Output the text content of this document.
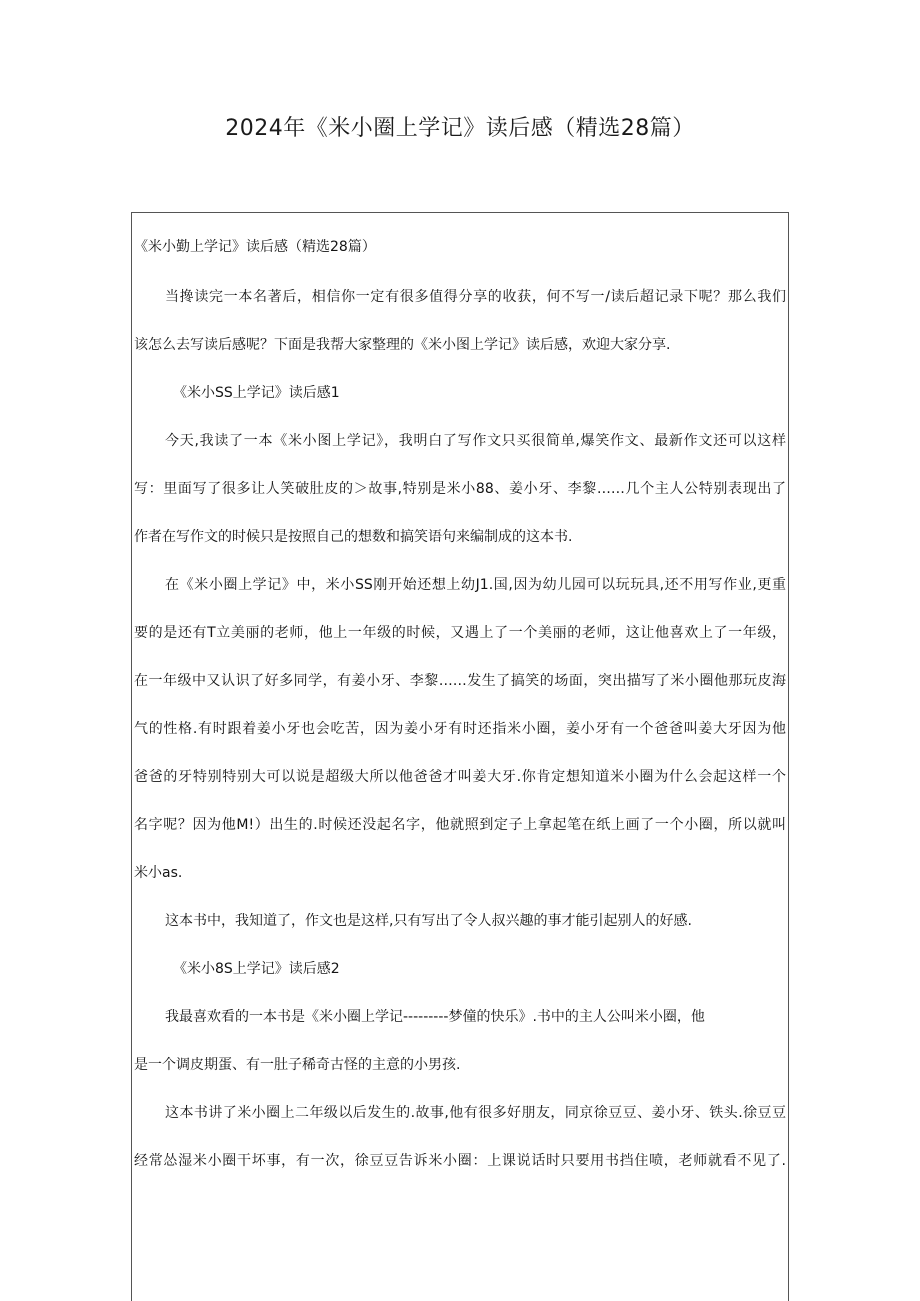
2024年《米小圈上学记》读后感（精选28篇）
《米小勤上学记》读后感（精选28篇）
当搀读完一本名著后，相信你一定有很多值得分享的收获，何不写一/读后超记录下呢？那么我们
该怎么去写读后感呢？下面是我帮大家整理的《米小图上学记》读后感，欢迎大家分享.
《米小SS上学记》读后感1
今天,我读了一本《米小图上学记》，我明白了写作文只买很简单,爆笑作文、最新作文还可以这样
写：里面写了很多让人笑破肚皮的＞故事,特别是米小88、姜小牙、李黎……几个主人公特别表现出了
作者在写作文的时候只是按照自己的想数和搞笑语句来编制成的这本书.
在《米小圈上学记》中，米小SS刚开始还想上幼J1.国,因为幼儿园可以玩玩具,还不用写作业,更重
要的是还有T立美丽的老师，他上一年级的时候，又遇上了一个美丽的老师，这让他喜欢上了一年级，
在一年级中又认识了好多同学，有姜小牙、李黎……发生了搞笑的场面，突出描写了米小圈他那玩皮海
气的性格.有时跟着姜小牙也会吃苦，因为姜小牙有时还指米小圈，姜小牙有一个爸爸叫姜大牙因为他
爸爸的牙特别特别大可以说是超级大所以他爸爸才叫姜大牙.你肯定想知道米小圈为什么会起这样一个
名字呢？因为他M!）出生的.时候还没起名字，他就照到定子上拿起笔在纸上画了一个小圈，所以就叫
米小as.
这本书中，我知道了，作文也是这样,只有写出了令人叔兴趣的事才能引起别人的好感.
《米小8S上学记》读后感2
我最喜欢看的一本书是《米小圈上学记---------梦僮的快乐》.书中的主人公叫米小圈，他
是一个调皮期蛋、有一肚子稀奇古怪的主意的小男孩.
这本书讲了米小圈上二年级以后发生的.故事,他有很多好朋友，同京徐豆豆、姜小牙、铁头.徐豆豆
经常怂湿米小圈干坏事，有一次，徐豆豆告诉米小圈：上课说话时只要用书挡住喷，老师就看不见了.
